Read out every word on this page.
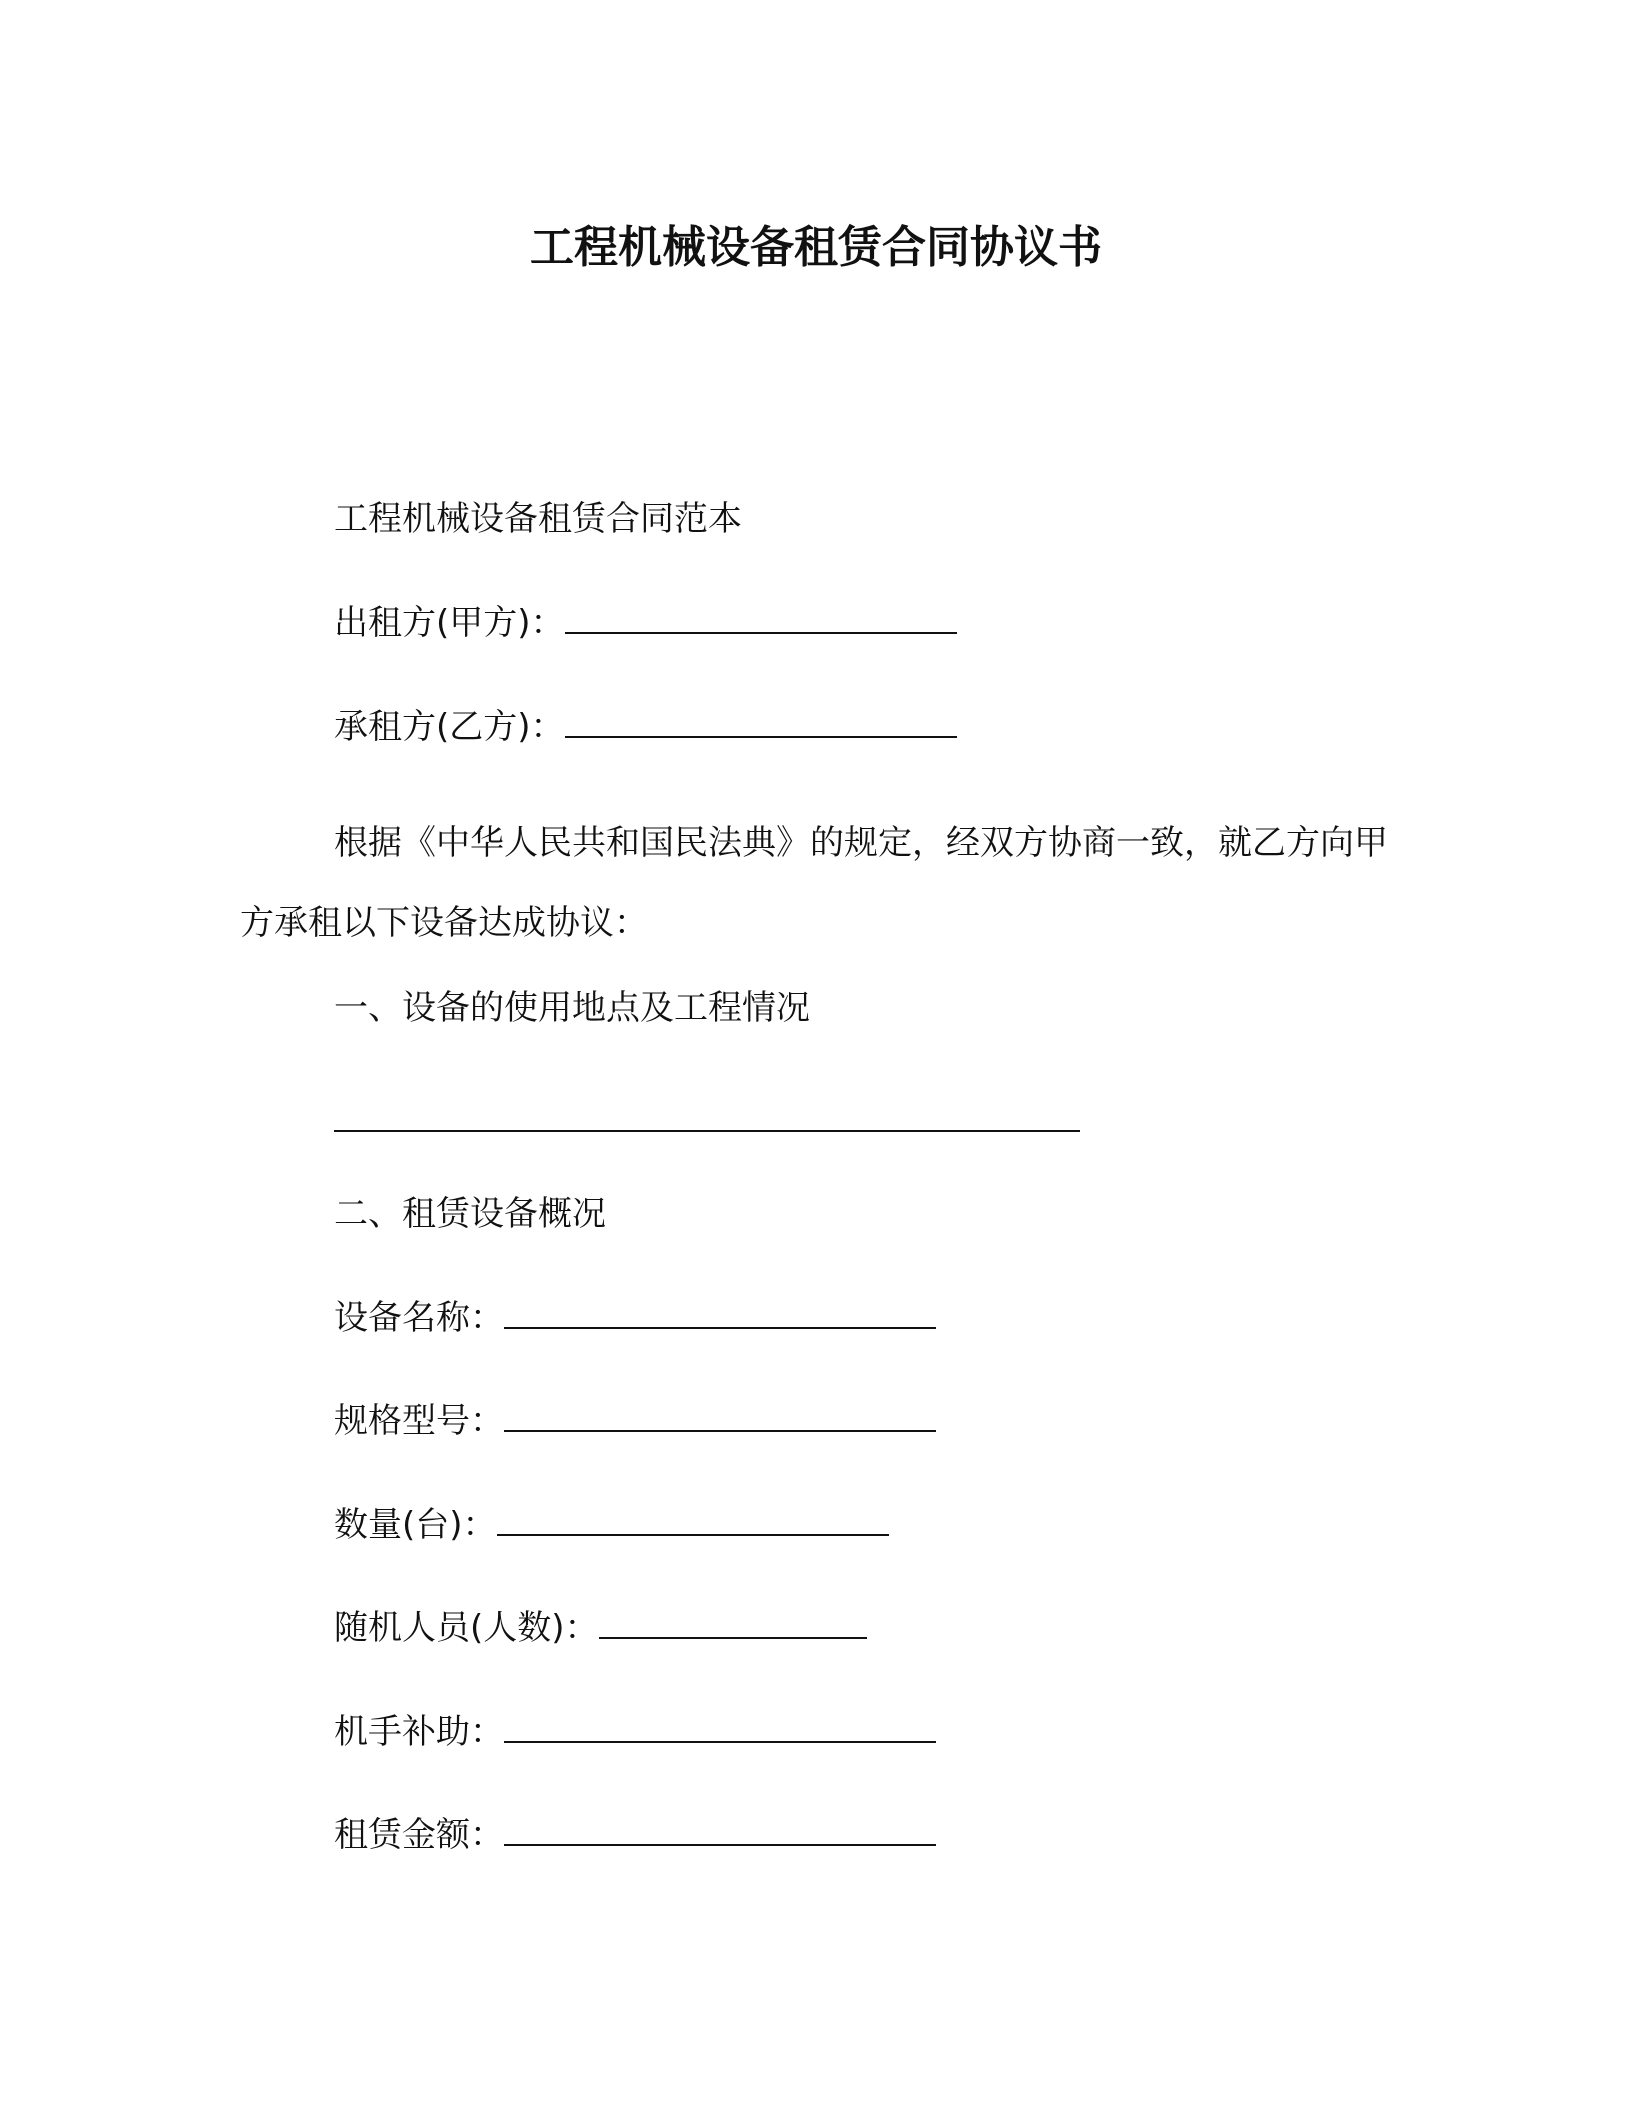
工程机械设备租赁合同协议书
工程机械设备租赁合同范本
出租方(甲方)：
承租方(乙方)：
根据《中华人民共和国民法典》的规定，经双方协商一致，就乙方向甲方承租以下设备达成协议：
一、设备的使用地点及工程情况
二、租赁设备概况
设备名称：
规格型号：
数量(台)：
随机人员(人数)：
机手补助：
租赁金额：
